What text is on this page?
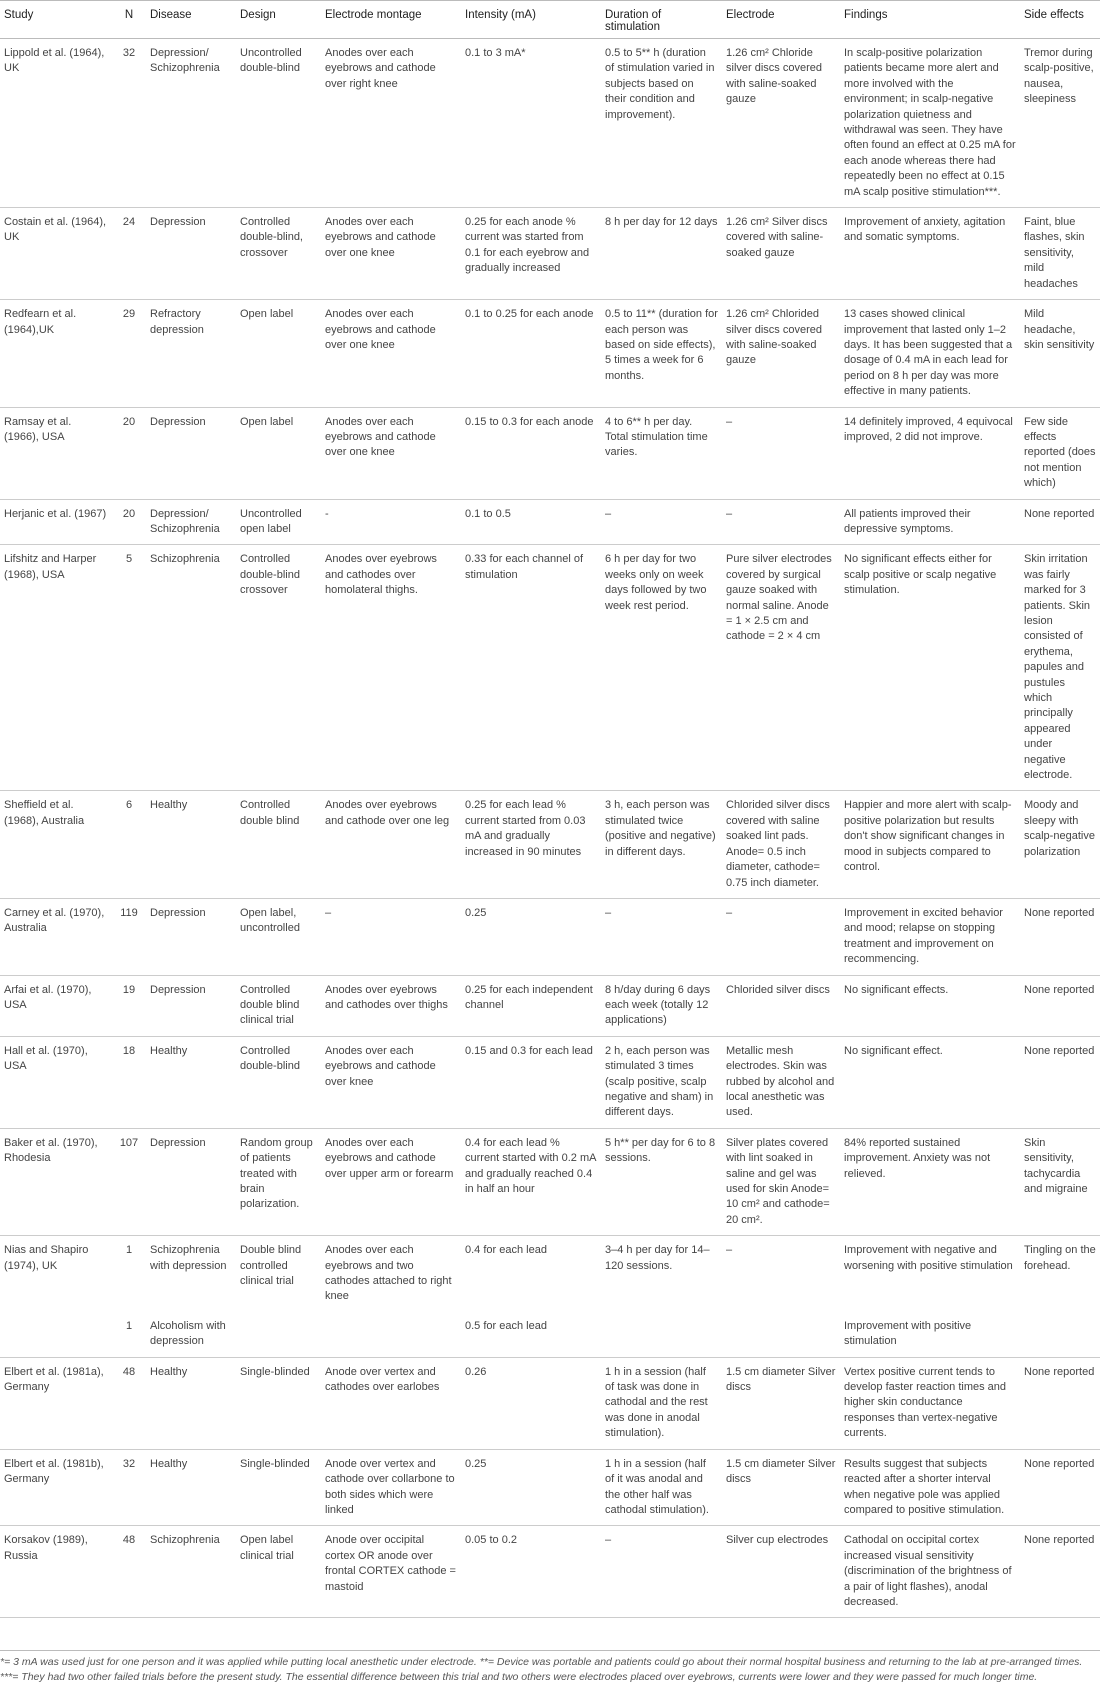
Study	N	Disease	Design	Electrode montage	Intensity (mA)	Duration of stimulation	Electrode	Findings	Side effects
Lippold et al. (1964), UK	32	Depression/ Schizophrenia	Uncontrolled double-blind	Anodes over each eyebrows and cathode over right knee	0.1 to 3 mA*	0.5 to 5** h (duration of stimulation varied in subjects based on their condition and improvement).	1.26 cm² Chloride silver discs covered with saline-soaked gauze	In scalp-positive polarization patients became more alert and more involved with the environment; in scalp-negative polarization quietness and withdrawal was seen. They have often found an effect at 0.25 mA for each anode whereas there had repeatedly been no effect at 0.15 mA scalp positive stimulation***.	Tremor during scalp-positive, nausea, sleepiness
Costain et al. (1964), UK	24	Depression	Controlled double-blind, crossover	Anodes over each eyebrows and cathode over one knee	0.25 for each anode % current was started from 0.1 for each eyebrow and gradually increased	8 h per day for 12 days	1.26 cm² Silver discs covered with saline-soaked gauze	Improvement of anxiety, agitation and somatic symptoms.	Faint, blue flashes, skin sensitivity, mild headaches
Redfearn et al. (1964),UK	29	Refractory depression	Open label	Anodes over each eyebrows and cathode over one knee	0.1 to 0.25 for each anode	0.5 to 11** (duration for each person was based on side effects), 5 times a week for 6 months.	1.26 cm² Chlorided silver discs covered with saline-soaked gauze	13 cases showed clinical improvement that lasted only 1–2 days. It has been suggested that a dosage of 0.4 mA in each lead for period on 8 h per day was more effective in many patients.	Mild headache, skin sensitivity
Ramsay et al. (1966), USA	20	Depression	Open label	Anodes over each eyebrows and cathode over one knee	0.15 to 0.3 for each anode	4 to 6** h per day. Total stimulation time varies.	–	14 definitely improved, 4 equivocal improved, 2 did not improve.	Few side effects reported (does not mention which)
Herjanic et al. (1967)	20	Depression/ Schizophrenia	Uncontrolled open label	-	0.1 to 0.5	–	–	All patients improved their depressive symptoms.	None reported
Lifshitz and Harper (1968), USA	5	Schizophrenia	Controlled double-blind crossover	Anodes over eyebrows and cathodes over homolateral thighs.	0.33 for each channel of stimulation	6 h per day for two weeks only on week days followed by two week rest period.	Pure silver electrodes covered by surgical gauze soaked with normal saline. Anode = 1 × 2.5 cm and cathode = 2 × 4 cm	No significant effects either for scalp positive or scalp negative stimulation.	Skin irritation was fairly marked for 3 patients. Skin lesion consisted of erythema, papules and pustules which principally appeared under negative electrode.
Sheffield et al. (1968), Australia	6	Healthy	Controlled double blind	Anodes over eyebrows and cathode over one leg	0.25 for each lead % current started from 0.03 mA and gradually increased in 90 minutes	3 h, each person was stimulated twice (positive and negative) in different days.	Chlorided silver discs covered with saline soaked lint pads. Anode= 0.5 inch diameter, cathode= 0.75 inch diameter.	Happier and more alert with scalp-positive polarization but results don't show significant changes in mood in subjects compared to control.	Moody and sleepy with scalp-negative polarization
Carney et al. (1970), Australia	119	Depression	Open label, uncontrolled	–	0.25	–	–	Improvement in excited behavior and mood; relapse on stopping treatment and improvement on recommencing.	None reported
Arfai et al. (1970), USA	19	Depression	Controlled double blind clinical trial	Anodes over eyebrows and cathodes over thighs	0.25 for each independent channel	8 h/day during 6 days each week (totally 12 applications)	Chlorided silver discs	No significant effects.	None reported
Hall et al. (1970), USA	18	Healthy	Controlled double-blind	Anodes over each eyebrows and cathode over knee	0.15 and 0.3 for each lead	2 h, each person was stimulated 3 times (scalp positive, scalp negative and sham) in different days.	Metallic mesh electrodes. Skin was rubbed by alcohol and local anesthetic was used.	No significant effect.	None reported
Baker et al. (1970), Rhodesia	107	Depression	Random group of patients treated with brain polarization.	Anodes over each eyebrows and cathode over upper arm or forearm	0.4 for each lead % current started with 0.2 mA and gradually reached 0.4 in half an hour	5 h** per day for 6 to 8 sessions.	Silver plates covered with lint soaked in saline and gel was used for skin Anode= 10 cm² and cathode= 20 cm².	84% reported sustained improvement. Anxiety was not relieved.	Skin sensitivity, tachycardia and migraine
Nias and Shapiro (1974), UK	1	Schizophrenia with depression	Double blind controlled clinical trial	Anodes over each eyebrows and two cathodes attached to right knee	0.4 for each lead	3–4 h per day for 14–120 sessions.	–	Improvement with negative and worsening with positive stimulation	Tingling on the forehead.
	1	Alcoholism with depression			0.5 for each lead			Improvement with positive stimulation	
Elbert et al. (1981a), Germany	48	Healthy	Single-blinded	Anode over vertex and cathodes over earlobes	0.26	1 h in a session (half of task was done in cathodal and the rest was done in anodal stimulation).	1.5 cm diameter Silver discs	Vertex positive current tends to develop faster reaction times and higher skin conductance responses than vertex-negative currents.	None reported
Elbert et al. (1981b), Germany	32	Healthy	Single-blinded	Anode over vertex and cathode over collarbone to both sides which were linked	0.25	1 h in a session (half of it was anodal and the other half was cathodal stimulation).	1.5 cm diameter Silver discs	Results suggest that subjects reacted after a shorter interval when negative pole was applied compared to positive stimulation.	None reported
Korsakov (1989), Russia	48	Schizophrenia	Open label clinical trial	Anode over occipital cortex OR anode over frontal CORTEX cathode = mastoid	0.05 to 0.2	–	Silver cup electrodes	Cathodal on occipital cortex increased visual sensitivity (discrimination of the brightness of a pair of light flashes), anodal decreased.	None reported
*= 3 mA was used just for one person and it was applied while putting local anesthetic under electrode. **= Device was portable and patients could go about their normal hospital business and returning to the lab at pre-arranged times. ***= They had two other failed trials before the present study. The essential difference between this trial and two others were electrodes placed over eyebrows, currents were lower and they were passed for much longer time.
